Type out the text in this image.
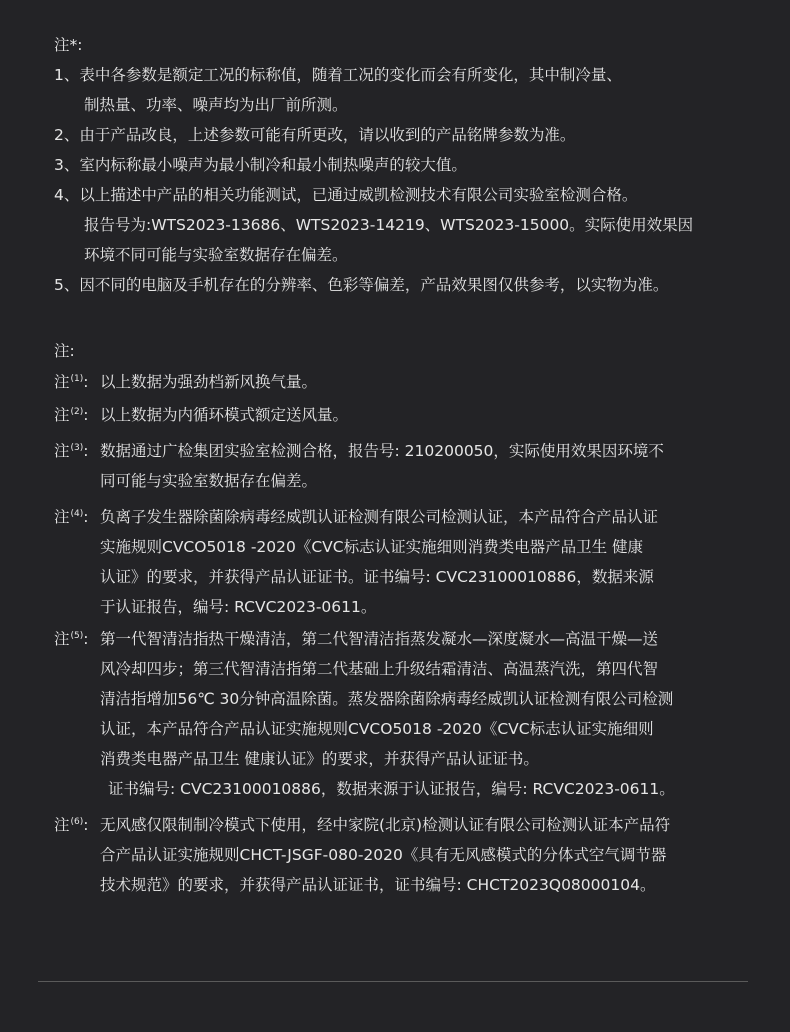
注*:
1、表中各参数是额定工况的标称值，随着工况的变化而会有所变化，其中制冷量、
制热量、功率、噪声均为出厂前所测。
2、由于产品改良，上述参数可能有所更改，请以收到的产品铭牌参数为准。
3、室内标称最小噪声为最小制冷和最小制热噪声的较大值。
4、以上描述中产品的相关功能测试，已通过威凯检测技术有限公司实验室检测合格。
报告号为:WTS2023-13686、WTS2023-14219、WTS2023-15000。实际使用效果因
环境不同可能与实验室数据存在偏差。
5、因不同的电脑及手机存在的分辨率、色彩等偏差，产品效果图仅供参考，以实物为准。
注:
注$^{(1)}$: 以上数据为强劲档新风换气量。
注$^{(2)}$: 以上数据为内循环模式额定送风量。
注$^{(3)}$: 数据通过广检集团实验室检测合格，报告号: 210200050，实际使用效果因环境不
同可能与实验室数据存在偏差。
注$^{(4)}$: 负离子发生器除菌除病毒经威凯认证检测有限公司检测认证，本产品符合产品认证
实施规则CVCO5018 -2020《CVC标志认证实施细则消费类电器产品卫生 健康
认证》的要求，并获得产品认证证书。证书编号: CVC23100010886，数据来源
于认证报告，编号: RCVC2023-0611。
注$^{(5)}$: 第一代智清洁指热干燥清洁，第二代智清洁指蒸发凝水—深度凝水—高温干燥—送
风冷却四步；第三代智清洁指第二代基础上升级结霜清洁、高温蒸汽洗，第四代智
清洁指增加56℃ 30分钟高温除菌。蒸发器除菌除病毒经威凯认证检测有限公司检测
认证，本产品符合产品认证实施规则CVCO5018 -2020《CVC标志认证实施细则
消费类电器产品卫生 健康认证》的要求，并获得产品认证证书。
证书编号: CVC23100010886，数据来源于认证报告，编号: RCVC2023-0611。
注$^{(6)}$: 无风感仅限制制冷模式下使用，经中家院(北京)检测认证有限公司检测认证本产品符
合产品认证实施规则CHCT-JSGF-080-2020《具有无风感模式的分体式空气调节器
技术规范》的要求，并获得产品认证证书，证书编号: CHCT2023Q08000104。
